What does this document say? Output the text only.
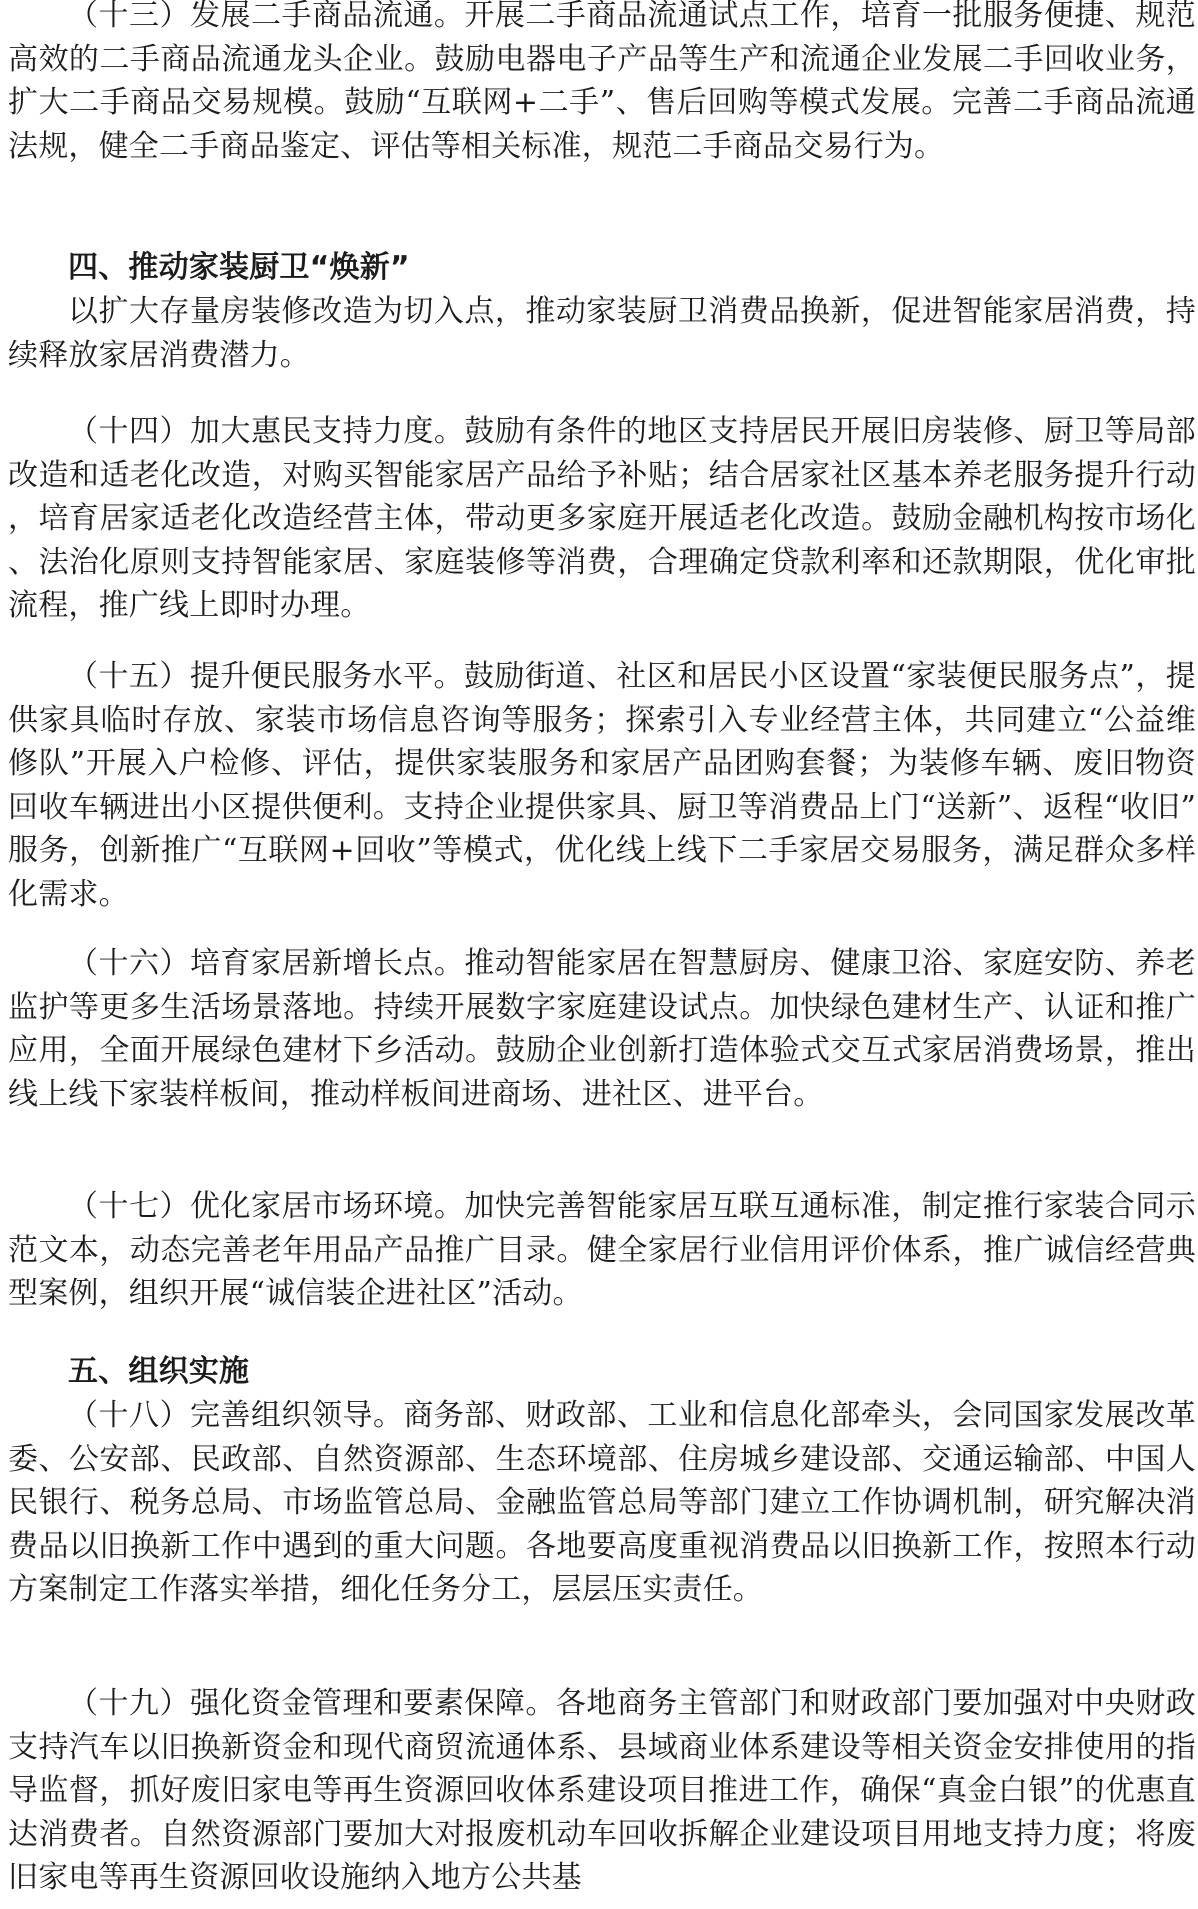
（十三）发展二手商品流通。开展二手商品流通试点工作，培育一批服务便捷、规范高效的二手商品流通龙头企业。鼓励电器电子产品等生产和流通企业发展二手回收业务，扩大二手商品交易规模。鼓励“互联网+二手”、售后回购等模式发展。完善二手商品流通法规，健全二手商品鉴定、评估等相关标准，规范二手商品交易行为。

四、推动家装厨卫“焕新”

以扩大存量房装修改造为切入点，推动家装厨卫消费品换新，促进智能家居消费，持续释放家居消费潜力。

（十四）加大惠民支持力度。鼓励有条件的地区支持居民开展旧房装修、厨卫等局部改造和适老化改造，对购买智能家居产品给予补贴；结合居家社区基本养老服务提升行动，培育居家适老化改造经营主体，带动更多家庭开展适老化改造。鼓励金融机构按市场化、法治化原则支持智能家居、家庭装修等消费，合理确定贷款利率和还款期限，优化审批流程，推广线上即时办理。

（十五）提升便民服务水平。鼓励街道、社区和居民小区设置“家装便民服务点”，提供家具临时存放、家装市场信息咨询等服务；探索引入专业经营主体，共同建立“公益维修队”开展入户检修、评估，提供家装服务和家居产品团购套餐；为装修车辆、废旧物资回收车辆进出小区提供便利。支持企业提供家具、厨卫等消费品上门“送新”、返程“收旧”服务，创新推广“互联网+回收”等模式，优化线上线下二手家居交易服务，满足群众多样化需求。

（十六）培育家居新增长点。推动智能家居在智慧厨房、健康卫浴、家庭安防、养老监护等更多生活场景落地。持续开展数字家庭建设试点。加快绿色建材生产、认证和推广应用，全面开展绿色建材下乡活动。鼓励企业创新打造体验式交互式家居消费场景，推出线上线下家装样板间，推动样板间进商场、进社区、进平台。

（十七）优化家居市场环境。加快完善智能家居互联互通标准，制定推行家装合同示范文本，动态完善老年用品产品推广目录。健全家居行业信用评价体系，推广诚信经营典型案例，组织开展“诚信装企进社区”活动。

五、组织实施

（十八）完善组织领导。商务部、财政部、工业和信息化部牵头，会同国家发展改革委、公安部、民政部、自然资源部、生态环境部、住房城乡建设部、交通运输部、中国人民银行、税务总局、市场监管总局、金融监管总局等部门建立工作协调机制，研究解决消费品以旧换新工作中遇到的重大问题。各地要高度重视消费品以旧换新工作，按照本行动方案制定工作落实举措，细化任务分工，层层压实责任。

（十九）强化资金管理和要素保障。各地商务主管部门和财政部门要加强对中央财政支持汽车以旧换新资金和现代商贸流通体系、县域商业体系建设等相关资金安排使用的指导监督，抓好废旧家电等再生资源回收体系建设项目推进工作，确保“真金白银”的优惠直达消费者。自然资源部门要加大对报废机动车回收拆解企业建设项目用地支持力度；将废旧家电等再生资源回收设施纳入地方公共基
